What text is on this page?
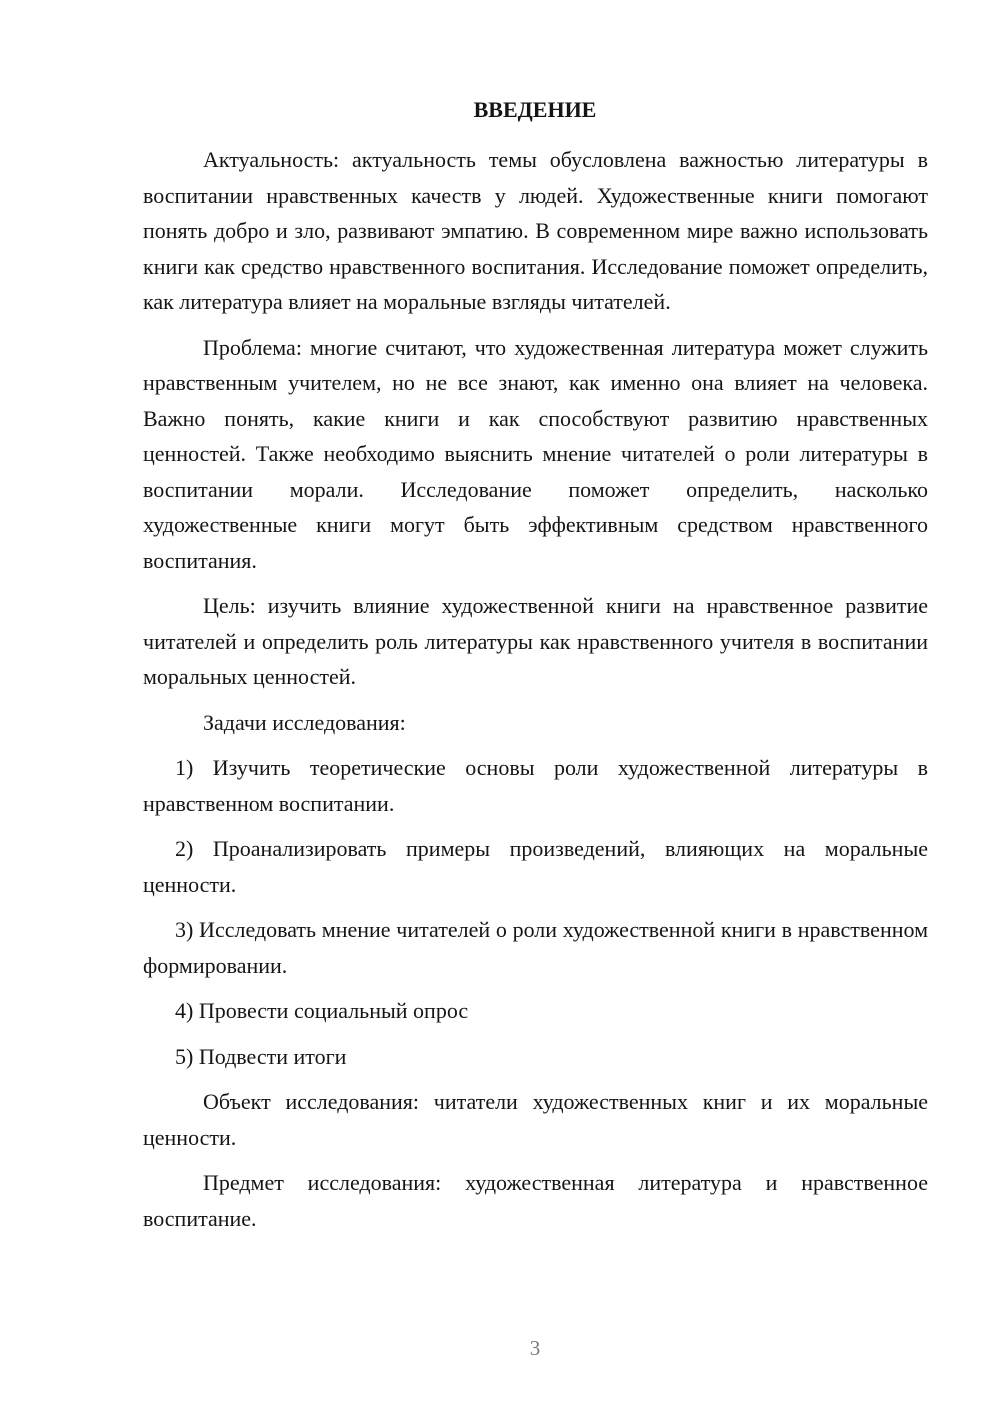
ВВЕДЕНИЕ

Актуальность: актуальность темы обусловлена важностью литературы в воспитании нравственных качеств у людей. Художественные книги помогают понять добро и зло, развивают эмпатию. В современном мире важно использовать книги как средство нравственного воспитания. Исследование поможет определить, как литература влияет на моральные взгляды читателей.

Проблема: многие считают, что художественная литература может служить нравственным учителем, но не все знают, как именно она влияет на человека. Важно понять, какие книги и как способствуют развитию нравственных ценностей. Также необходимо выяснить мнение читателей о роли литературы в воспитании морали. Исследование поможет определить, насколько художественные книги могут быть эффективным средством нравственного воспитания.

Цель: изучить влияние художественной книги на нравственное развитие читателей и определить роль литературы как нравственного учителя в воспитании моральных ценностей.

Задачи исследования:

1) Изучить теоретические основы роли художественной литературы в нравственном воспитании.

2) Проанализировать примеры произведений, влияющих на моральные ценности.

3) Исследовать мнение читателей о роли художественной книги в нравственном формировании.

4) Провести социальный опрос

5) Подвести итоги

Объект исследования: читатели художественных книг и их моральные ценности.

Предмет исследования: художественная литература и нравственное воспитание.

3
